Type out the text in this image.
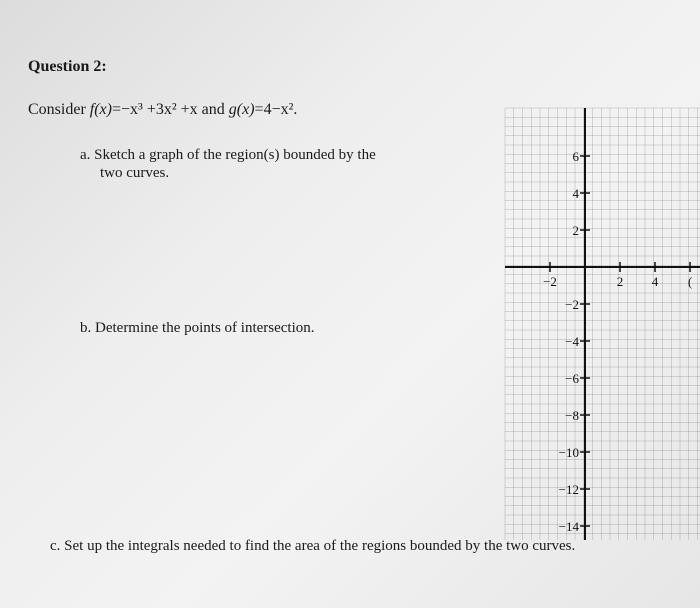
Question 2:
Consider f(x)=−x³ +3x² +x and g(x)=4−x².
a. Sketch a graph of the region(s) bounded by the
two curves.
b. Determine the points of intersection.
c. Set up the integrals needed to find the area of the regions bounded by the two curves.
−2	2 4 (
6
4
2
−2
−4
−6
−8
−10
−12
−14
